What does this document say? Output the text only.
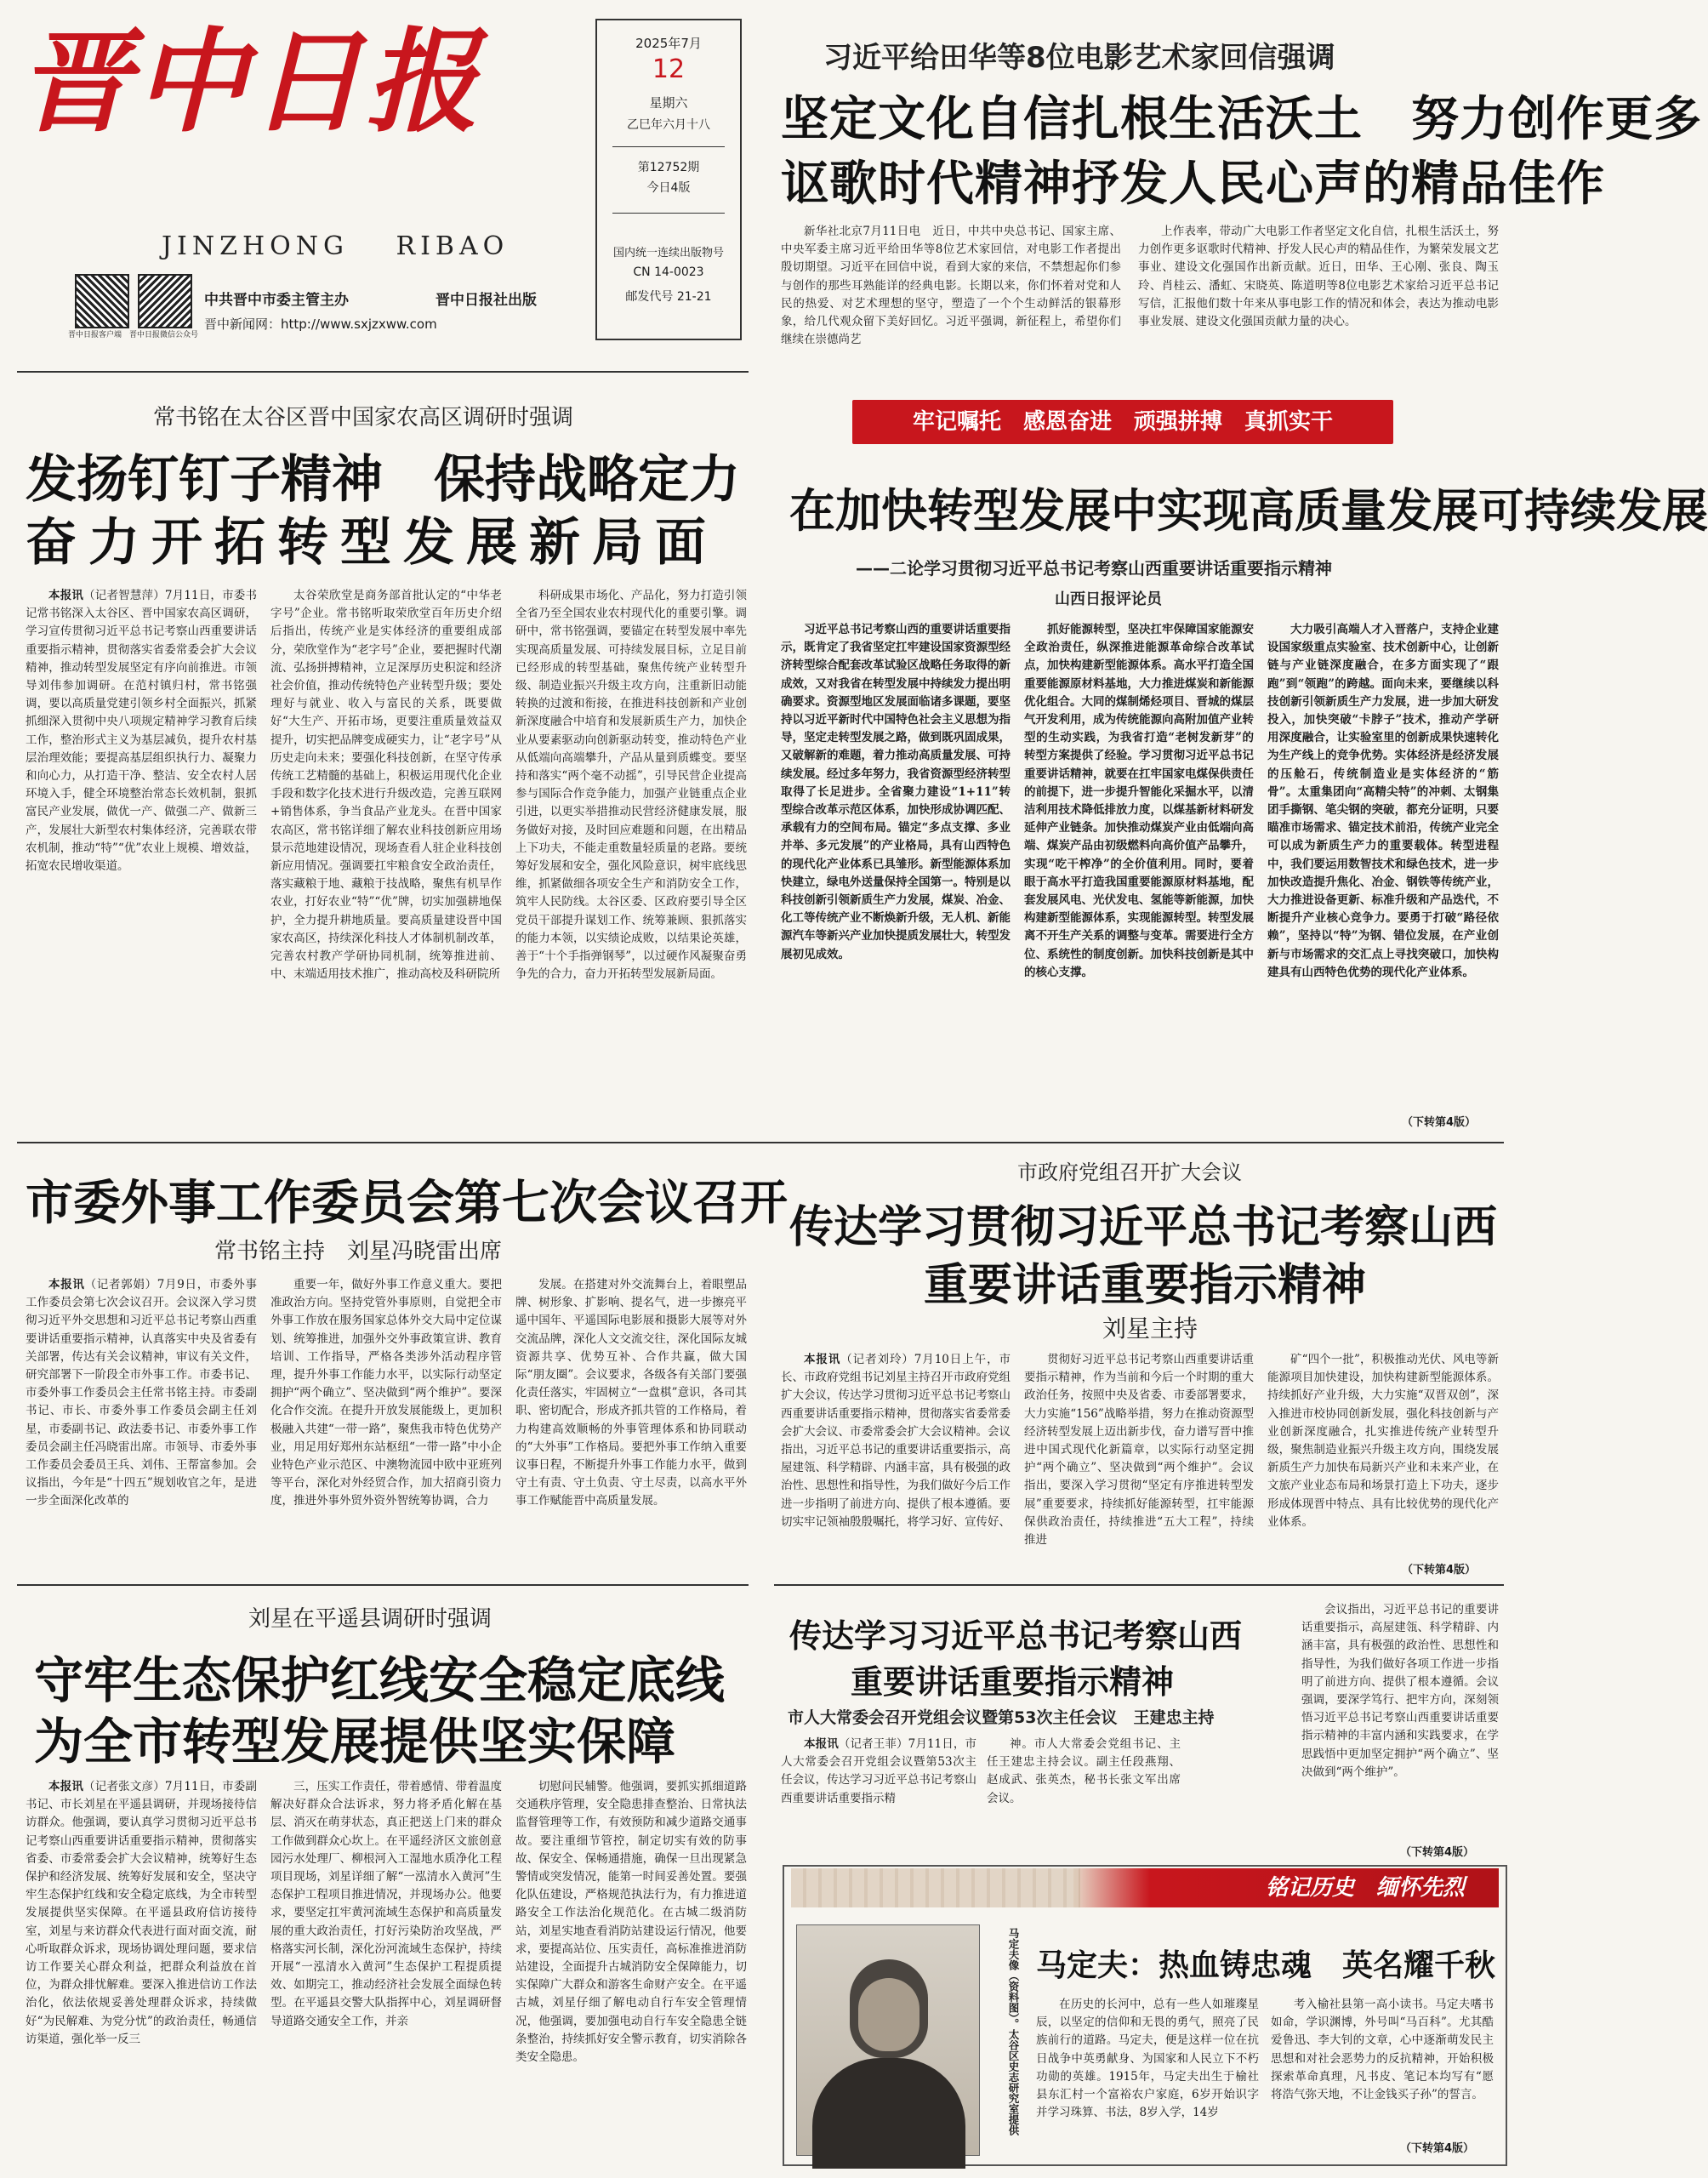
晋中日报
JINZHONG RIBAO
晋中日报客户端 晋中日报微信公众号
中共晋中市委主管主办	晋中日报社出版
晋中新闻网：http://www.sxjzxww.com
2025年7月
12
星期六
乙巳年六月十八
第12752期
今日4版
国内统一连续出版物号
CN 14-0023
邮发代号 21-21
习近平给田华等8位电影艺术家回信强调
坚定文化自信扎根生活沃土　努力创作更多
讴歌时代精神抒发人民心声的精品佳作

新华社北京7月11日电　近日，中共中央总书记、国家主席、中央军委主席习近平给田华等8位艺术家回信，对电影工作者提出殷切期望。习近平在回信中说，看到大家的来信，不禁想起你们参与创作的那些耳熟能详的经典电影。长期以来，你们怀着对党和人民的热爱、对艺术理想的坚守，塑造了一个个生动鲜活的银幕形象，给几代观众留下美好回忆。习近平强调，新征程上，希望你们继续在崇德尚艺

上作表率，带动广大电影工作者坚定文化自信，扎根生活沃土，努力创作更多讴歌时代精神、抒发人民心声的精品佳作，为繁荣发展文艺事业、建设文化强国作出新贡献。近日，田华、王心刚、张良、陶玉玲、肖桂云、潘虹、宋晓英、陈道明等8位电影艺术家给习近平总书记写信，汇报他们数十年来从事电影工作的情况和体会，表达为推动电影事业发展、建设文化强国贡献力量的决心。

常书铭在太谷区晋中国家农高区调研时强调
发扬钉钉子精神　保持战略定力
奋力开拓转型发展新局面

本报讯（记者智慧萍）7月11日，市委书记常书铭深入太谷区、晋中国家农高区调研，学习宣传贯彻习近平总书记考察山西重要讲话重要指示精神，贯彻落实省委常委会扩大会议精神，推动转型发展坚定有序向前推进。市领导刘伟参加调研。在范村镇归村，常书铭强调，要以高质量党建引领乡村全面振兴，抓紧抓细深入贯彻中央八项规定精神学习教育后续工作，整治形式主义为基层减负，提升农村基层治理效能；要提高基层组织执行力、凝聚力和向心力，从打造干净、整洁、安全农村人居环境入手，健全环境整治常态长效机制，狠抓富民产业发展，做优一产、做强二产、做新三产，发展壮大新型农村集体经济，完善联农带农机制，推动“特”“优”农业上规模、增效益，拓宽农民增收渠道。

太谷荣欣堂是商务部首批认定的“中华老字号”企业。常书铭听取荣欣堂百年历史介绍后指出，传统产业是实体经济的重要组成部分，荣欣堂作为“老字号”企业，要把握时代潮流、弘扬拼搏精神，立足深厚历史积淀和经济社会价值，推动传统特色产业转型升级；要处理好与就业、收入与富民的关系，既要做好“大生产、开拓市场，更要注重质量效益双提升，切实把品牌变成硬实力，让“老字号”从历史走向未来；要强化科技创新，在坚守传承传统工艺精髓的基础上，积极运用现代化企业手段和数字化技术进行升级改造，完善互联网+销售体系，争当食品产业龙头。在晋中国家农高区，常书铭详细了解农业科技创新应用场景示范地建设情况，现场查看人驻企业科技创新应用情况。强调要扛牢粮食安全政治责任，落实藏粮于地、藏粮于技战略，聚焦有机旱作农业，打好农业“特”“优”牌，切实加强耕地保护，全力提升耕地质量。要高质量建设晋中国家农高区，持续深化科技人才体制机制改革，完善农村教产学研协同机制，统筹推进前、中、末端适用技术推广，推动高校及科研院所

科研成果市场化、产品化，努力打造引领全省乃至全国农业农村现代化的重要引擎。调研中，常书铭强调，要锚定在转型发展中率先实现高质量发展、可持续发展目标，立足目前已经形成的转型基础，聚焦传统产业转型升级、制造业振兴升级主攻方向，注重新旧动能转换的过渡和衔接，在推进科技创新和产业创新深度融合中培育和发展新质生产力，加快企业从要素驱动向创新驱动转变，推动特色产业从低端向高端攀升，产品从量到质蝶变。要坚持和落实“两个毫不动摇”，引导民营企业提高参与国际合作竞争能力，加强产业链重点企业引进，以更实举措推动民营经济健康发展，服务做好对接，及时回应难题和问题，在出精品上下功夫，不能走重数量轻质量的老路。要统筹好发展和安全，强化风险意识，树牢底线思维，抓紧做细各项安全生产和消防安全工作，筑牢人民防线。太谷区委、区政府要引导全区党员干部提升谋划工作、统筹兼顾、狠抓落实的能力本领，以实绩论成败，以结果论英雄，善于“十个手指弹钢琴”，以过硬作风凝聚奋勇争先的合力，奋力开拓转型发展新局面。

牢记嘱托　感恩奋进　顽强拼搏　真抓实干
在加快转型发展中实现高质量发展可持续发展
——二论学习贯彻习近平总书记考察山西重要讲话重要指示精神
山西日报评论员

习近平总书记考察山西的重要讲话重要指示，既肯定了我省坚定扛牢建设国家资源型经济转型综合配套改革试验区战略任务取得的新成效，又对我省在转型发展中持续发力提出明确要求。资源型地区发展面临诸多课题，要坚持以习近平新时代中国特色社会主义思想为指导，坚定走转型发展之路，做到既巩固成果，又破解新的难题，着力推动高质量发展、可持续发展。经过多年努力，我省资源型经济转型取得了长足进步。全省聚力建设“1+11”转型综合改革示范区体系，加快形成协调匹配、承载有力的空间布局。锚定“多点支撑、多业并举、多元发展”的产业格局，具有山西特色的现代化产业体系已具雏形。新型能源体系加快建立，绿电外送量保持全国第一。特别是以科技创新引领新质生产力发展，煤炭、冶金、化工等传统产业不断焕新升级，无人机、新能源汽车等新兴产业加快提质发展壮大，转型发展初见成效。

抓好能源转型，坚决扛牢保障国家能源安全政治责任，纵深推进能源革命综合改革试点，加快构建新型能源体系。高水平打造全国重要能源原材料基地，大力推进煤炭和新能源优化组合。大同的煤制烯烃项目、晋城的煤层气开发利用，成为传统能源向高附加值产业转型的生动实践，为我省打造“老树发新芽”的转型方案提供了经验。学习贯彻习近平总书记重要讲话精神，就要在扛牢国家电煤保供责任的前提下，进一步提升智能化采掘水平，以清洁利用技术降低排放力度，以煤基新材料研发延伸产业链条。加快推动煤炭产业由低端向高端、煤炭产品由初级燃料向高价值产品攀升，实现“吃干榨净”的全价值利用。同时，要着眼于高水平打造我国重要能源原材料基地，配套发展风电、光伏发电、氢能等新能源，加快构建新型能源体系，实现能源转型。转型发展离不开生产关系的调整与变革。需要进行全方位、系统性的制度创新。加快科技创新是其中的核心支撑。

大力吸引高端人才入晋落户，支持企业建设国家级重点实验室、技术创新中心，让创新链与产业链深度融合，在多方面实现了“跟跑”到“领跑”的跨越。面向未来，要继续以科技创新引领新质生产力发展，进一步加大研发投入，加快突破“卡脖子”技术，推动产学研用深度融合，让实验室里的创新成果快速转化为生产线上的竞争优势。实体经济是经济发展的压舱石，传统制造业是实体经济的“筋骨”。太重集团向“高精尖特”的冲刺、太钢集团手撕钢、笔尖钢的突破，都充分证明，只要瞄准市场需求、锚定技术前沿，传统产业完全可以成为新质生产力的重要载体。转型进程中，我们要运用数智技术和绿色技术，进一步加快改造提升焦化、冶金、钢铁等传统产业，大力推进设备更新、标准升级和产品迭代，不断提升产业核心竞争力。要勇于打破“路径依赖”，坚持以“特”为钢、错位发展，在产业创新与市场需求的交汇点上寻找突破口，加快构建具有山西特色优势的现代化产业体系。

（下转第4版）
市委外事工作委员会第七次会议召开
常书铭主持　刘星冯晓雷出席

本报讯（记者郭娟）7月9日，市委外事工作委员会第七次会议召开。会议深入学习贯彻习近平外交思想和习近平总书记考察山西重要讲话重要指示精神，认真落实中央及省委有关部署，传达有关会议精神，审议有关文件，研究部署下一阶段全市外事工作。市委书记、市委外事工作委员会主任常书铭主持。市委副书记、市长、市委外事工作委员会副主任刘星，市委副书记、政法委书记、市委外事工作委员会副主任冯晓雷出席。市领导、市委外事工作委员会委员王兵、刘伟、王帮富参加。会议指出，今年是“十四五”规划收官之年，是进一步全面深化改革的

重要一年，做好外事工作意义重大。要把准政治方向。坚持党管外事原则，自觉把全市外事工作放在服务国家总体外交大局中定位谋划、统筹推进，加强外交外事政策宣讲、教育培训、工作指导，严格各类涉外活动程序管理，提升外事工作能力水平，以实际行动坚定拥护“两个确立”、坚决做到“两个维护”。要深化合作交流。在提升开放发展能级上，更加积极融入共建“一带一路”，聚焦我市特色优势产业，用足用好郑州东站枢纽“一带一路”中小企业特色产业示范区、中澳物流园中欧中亚班列等平台，深化对外经贸合作，加大招商引资力度，推进外事外贸外资外智统筹协调，合力

发展。在搭建对外交流舞台上，着眼塑品牌、树形象、扩影响、提名气，进一步擦亮平遥中国年、平遥国际电影展和摄影大展等对外交流品牌，深化人文交流交往，深化国际友城资源共享、优势互补、合作共赢，做大国际“朋友圈”。会议要求，各级各有关部门要强化责任落实，牢固树立“一盘棋”意识，各司其职、密切配合，形成齐抓共管的工作格局，着力构建高效顺畅的外事管理体系和协同联动的“大外事”工作格局。要把外事工作纳入重要议事日程，不断提升外事工作能力水平，做到守土有责、守土负责、守土尽责，以高水平外事工作赋能晋中高质量发展。

市政府党组召开扩大会议
传达学习贯彻习近平总书记考察山西
重要讲话重要指示精神
刘星主持

本报讯（记者刘玲）7月10日上午，市长、市政府党组书记刘星主持召开市政府党组扩大会议，传达学习贯彻习近平总书记考察山西重要讲话重要指示精神，贯彻落实省委常委会扩大会议、市委常委会扩大会议精神。会议指出，习近平总书记的重要讲话重要指示，高屋建瓴、科学精辟、内涵丰富，具有极强的政治性、思想性和指导性，为我们做好今后工作进一步指明了前进方向、提供了根本遵循。要切实牢记领袖殷殷嘱托，将学习好、宣传好、

贯彻好习近平总书记考察山西重要讲话重要指示精神，作为当前和今后一个时期的重大政治任务，按照中央及省委、市委部署要求，大力实施“156”战略举措，努力在推动资源型经济转型发展上迈出新步伐，奋力谱写晋中推进中国式现代化新篇章，以实际行动坚定拥护“两个确立”、坚决做到“两个维护”。会议指出，要深入学习贯彻“坚定有序推进转型发展”重要要求，持续抓好能源转型，扛牢能源保供政治责任，持续推进“五大工程”，持续推进

矿“四个一批”，积极推动光伏、风电等新能源项目加快建设，加快构建新型能源体系。持续抓好产业升级，大力实施“双晋双创”，深入推进市校协同创新发展，强化科技创新与产业创新深度融合，扎实推进传统产业转型升级，聚焦制造业振兴升级主攻方向，围绕发展新质生产力加快布局新兴产业和未来产业，在文旅产业业态布局和场景打造上下功夫，逐步形成体现晋中特点、具有比较优势的现代化产业体系。

（下转第4版）
刘星在平遥县调研时强调
守牢生态保护红线安全稳定底线
为全市转型发展提供坚实保障

本报讯（记者张文彦）7月11日，市委副书记、市长刘星在平遥县调研，并现场接待信访群众。他强调，要认真学习贯彻习近平总书记考察山西重要讲话重要指示精神，贯彻落实省委、市委常委会扩大会议精神，统筹好生态保护和经济发展、统筹好发展和安全，坚决守牢生态保护红线和安全稳定底线，为全市转型发展提供坚实保障。在平遥县政府信访接待室，刘星与来访群众代表进行面对面交流，耐心听取群众诉求，现场协调处理问题，要求信访工作要关心群众利益，把群众利益放在首位，为群众排忧解难。要深入推进信访工作法治化，依法依规妥善处理群众诉求，持续做好“为民解难、为党分忧”的政治责任，畅通信访渠道，强化举一反三

三，压实工作责任，带着感情、带着温度解决好群众合法诉求，努力将矛盾化解在基层、消灭在萌芽状态，真正把送上门来的群众工作做到群众心坎上。在平遥经济区文旅创意园污水处理厂、柳根河入工湿地水质净化工程项目现场，刘星详细了解“一泓清水入黄河”生态保护工程项目推进情况，并现场办公。他要求，要坚定扛牢黄河流域生态保护和高质量发展的重大政治责任，打好污染防治攻坚战，严格落实河长制，深化汾河流域生态保护，持续开展“一泓清水入黄河”生态保护工程提质提效、如期完工，推动经济社会发展全面绿色转型。在平遥县交警大队指挥中心，刘星调研督导道路交通安全工作，并亲

切慰问民辅警。他强调，要抓实抓细道路交通秩序管理，安全隐患排查整治、日常执法监督管理等工作，有效预防和减少道路交通事故。要注重细节管控，制定切实有效的防事故、保安全、保畅通措施，确保一旦出现紧急警情或突发情况，能第一时间妥善处置。要强化队伍建设，严格规范执法行为，有力推进道路安全工作法治化规范化。在古城二级消防站，刘星实地查看消防站建设运行情况，他要求，要提高站位、压实责任，高标准推进消防站建设，全面提升古城消防安全保障能力，切实保障广大群众和游客生命财产安全。在平遥古城，刘星仔细了解电动自行车安全管理情况，他强调，要加强电动自行车安全隐患全链条整治，持续抓好安全警示教育，切实消除各类安全隐患。

传达学习习近平总书记考察山西
重要讲话重要指示精神
市人大常委会召开党组会议暨第53次主任会议　王建忠主持

本报讯（记者王菲）7月11日，市人大常委会召开党组会议暨第53次主任会议，传达学习习近平总书记考察山西重要讲话重要指示精

神。市人大常委会党组书记、主任王建忠主持会议。副主任段燕翔、赵成武、张英杰，秘书长张文军出席会议。

会议指出，习近平总书记的重要讲话重要指示，高屋建瓴、科学精辟、内涵丰富，具有极强的政治性、思想性和指导性，为我们做好各项工作进一步指明了前进方向、提供了根本遵循。会议强调，要深学笃行、把牢方向，深刻领悟习近平总书记考察山西重要讲话重要指示精神的丰富内涵和实践要求，在学思践悟中更加坚定拥护“两个确立”、坚决做到“两个维护”。

（下转第4版）
铭记历史　缅怀先烈
马定夫像（资料图）。太谷区史志研究室提供 马定夫：热血铸忠魂　英名耀千秋

在历史的长河中，总有一些人如璀璨星辰，以坚定的信仰和无畏的勇气，照亮了民族前行的道路。马定夫，便是这样一位在抗日战争中英勇献身、为国家和人民立下不朽功勋的英雄。1915年，马定夫出生于榆社县东汇村一个富裕农户家庭，6岁开始识字并学习珠算、书法，8岁入学，14岁

考入榆社县第一高小读书。马定夫嗜书如命，学识渊博，外号叫“马百科”。尤其酷爱鲁迅、李大钊的文章，心中逐渐萌发民主思想和对社会恶势力的反抗精神，开始积极探索革命真理，凡书皮、笔记本均写有“愿将浩气弥天地，不让金钱买子孙”的誓言。

（下转第4版）
